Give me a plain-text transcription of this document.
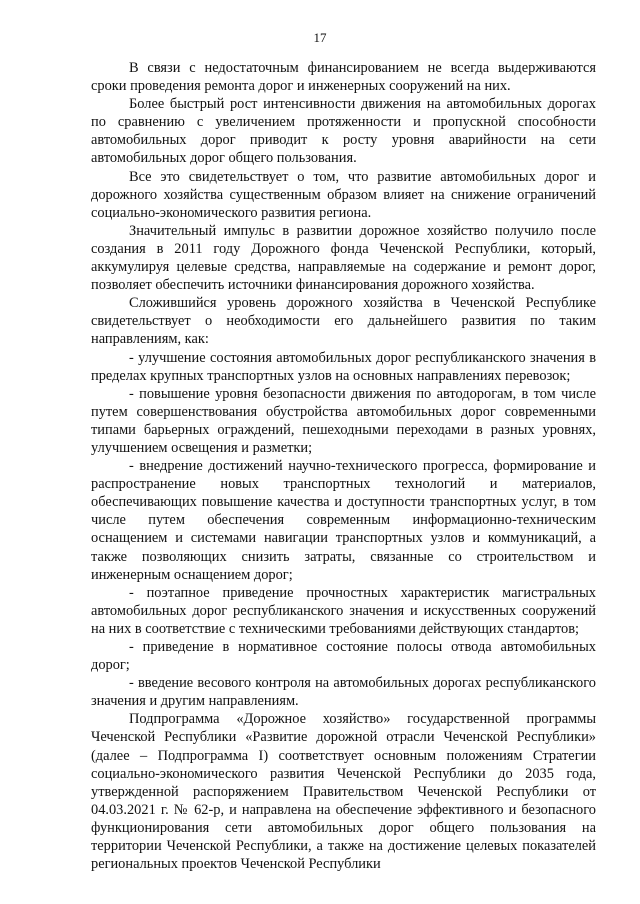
17

В связи с недостаточным финансированием не всегда выдерживаются сроки проведения ремонта дорог и инженерных сооружений на них.

Более быстрый рост интенсивности движения на автомобильных дорогах по сравнению с увеличением протяженности и пропускной способности автомобильных дорог приводит к росту уровня аварийности на сети автомобильных дорог общего пользования.

Все это свидетельствует о том, что развитие автомобильных дорог и дорожного хозяйства существенным образом влияет на снижение ограничений социально-экономического развития региона.

Значительный импульс в развитии дорожное хозяйство получило после создания в 2011 году Дорожного фонда Чеченской Республики, который, аккумулируя целевые средства, направляемые на содержание и ремонт дорог, позволяет обеспечить источники финансирования дорожного хозяйства.

Сложившийся уровень дорожного хозяйства в Чеченской Республике свидетельствует о необходимости его дальнейшего развития по таким направлениям, как:

- улучшение состояния автомобильных дорог республиканского значения в пределах крупных транспортных узлов на основных направлениях перевозок;

- повышение уровня безопасности движения по автодорогам, в том числе путем совершенствования обустройства автомобильных дорог современными типами барьерных ограждений, пешеходными переходами в разных уровнях, улучшением освещения и разметки;

- внедрение достижений научно-технического прогресса, формирование и распространение новых транспортных технологий и материалов, обеспечивающих повышение качества и доступности транспортных услуг, в том числе путем обеспечения современным информационно-техническим оснащением и системами навигации транспортных узлов и коммуникаций, а также позволяющих снизить затраты, связанные со строительством и инженерным оснащением дорог;

- поэтапное приведение прочностных характеристик магистральных автомобильных дорог республиканского значения и искусственных сооружений на них в соответствие с техническими требованиями действующих стандартов;

- приведение в нормативное состояние полосы отвода автомобильных дорог;

- введение весового контроля на автомобильных дорогах республиканского значения и другим направлениям.

Подпрограмма «Дорожное хозяйство» государственной программы Чеченской Республики «Развитие дорожной отрасли Чеченской Республики» (далее – Подпрограмма I) соответствует основным положениям Стратегии социально-экономического развития Чеченской Республики до 2035 года, утвержденной распоряжением Правительством Чеченской Республики от 04.03.2021 г. № 62-р, и направлена на обеспечение эффективного и безопасного функционирования сети автомобильных дорог общего пользования на территории Чеченской Республики, а также на достижение целевых показателей региональных проектов Чеченской Республики
